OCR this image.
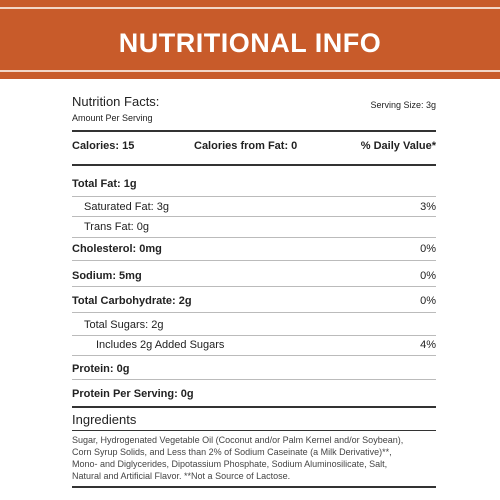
NUTRITIONAL INFO
Nutrition Facts:	Serving Size: 3g
Amount Per Serving
Calories: 15	Calories from Fat: 0	% Daily Value*
Total Fat: 1g
Saturated Fat: 3g	3%
Trans Fat: 0g
Cholesterol: 0mg	0%
Sodium: 5mg	0%
Total Carbohydrate: 2g	0%
Total Sugars: 2g
Includes 2g Added Sugars	4%
Protein: 0g
Protein Per Serving: 0g
Ingredients
Sugar, Hydrogenated Vegetable Oil (Coconut and/or Palm Kernel and/or Soybean),
Corn Syrup Solids, and Less than 2% of Sodium Caseinate (a Milk Derivative)**,
Mono- and Diglycerides, Dipotassium Phosphate, Sodium Aluminosilicate, Salt,
Natural and Artificial Flavor. **Not a Source of Lactose.
